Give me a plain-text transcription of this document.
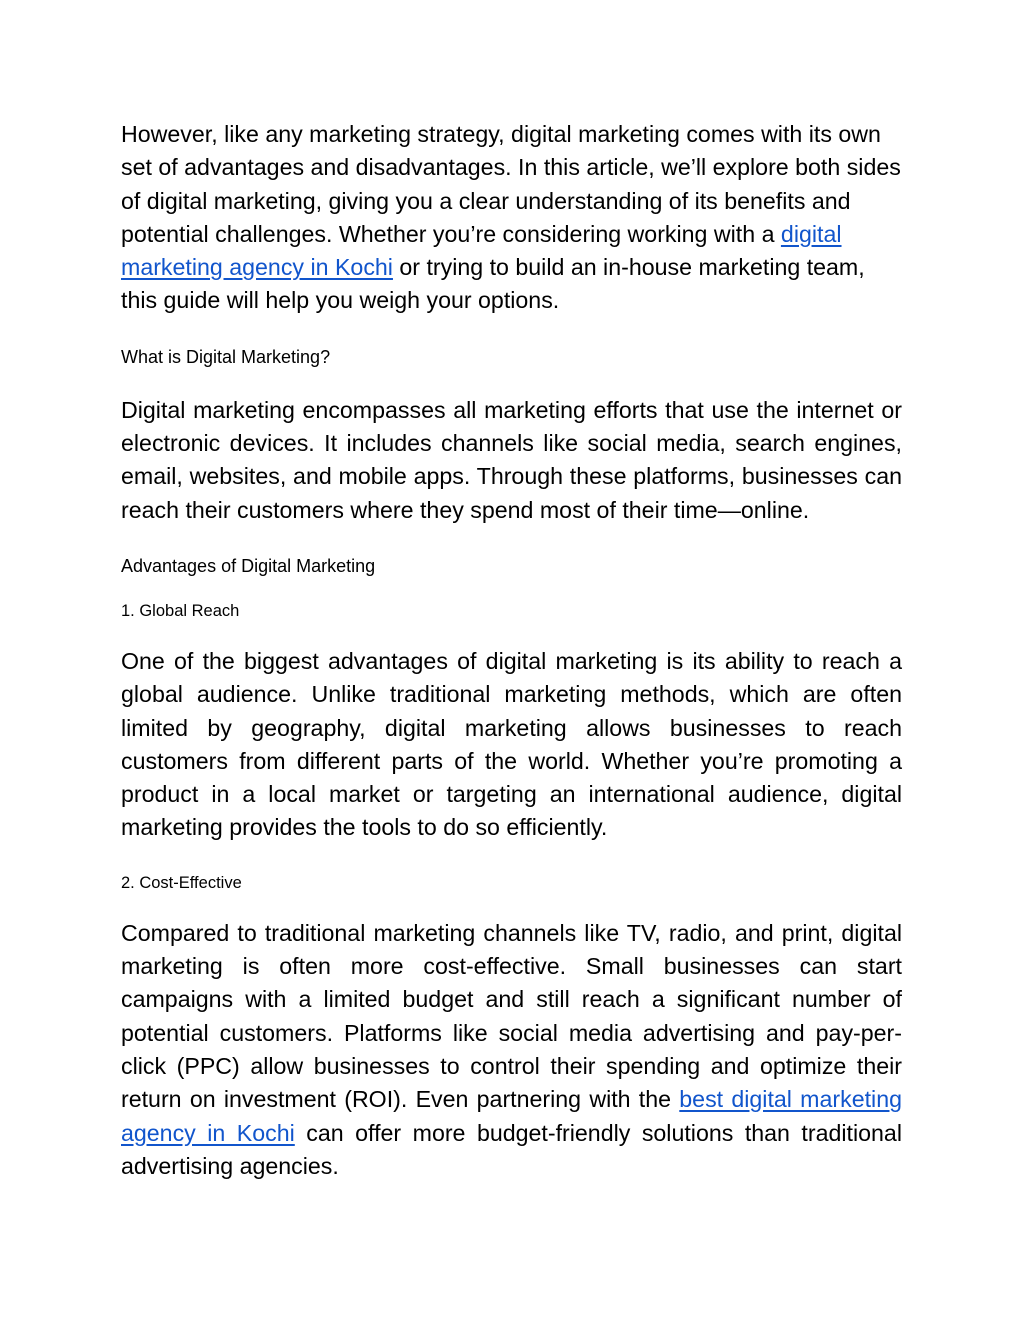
However, like any marketing strategy, digital marketing comes with its own set of advantages and disadvantages. In this article, we’ll explore both sides of digital marketing, giving you a clear understanding of its benefits and potential challenges. Whether you’re considering working with a digital marketing agency in Kochi or trying to build an in-house marketing team, this guide will help you weigh your options.

What is Digital Marketing?

Digital marketing encompasses all marketing efforts that use the internet or electronic devices. It includes channels like social media, search engines, email, websites, and mobile apps. Through these platforms, businesses can reach their customers where they spend most of their time—online.

Advantages of Digital Marketing

1. Global Reach

One of the biggest advantages of digital marketing is its ability to reach a global audience. Unlike traditional marketing methods, which are often limited by geography, digital marketing allows businesses to reach customers from different parts of the world. Whether you’re promoting a product in a local market or targeting an international audience, digital marketing provides the tools to do so efficiently.

2. Cost-Effective

Compared to traditional marketing channels like TV, radio, and print, digital marketing is often more cost-effective. Small businesses can start campaigns with a limited budget and still reach a significant number of potential customers. Platforms like social media advertising and pay-per-click (PPC) allow businesses to control their spending and optimize their return on investment (ROI). Even partnering with the best digital marketing agency in Kochi can offer more budget-friendly solutions than traditional advertising agencies.
